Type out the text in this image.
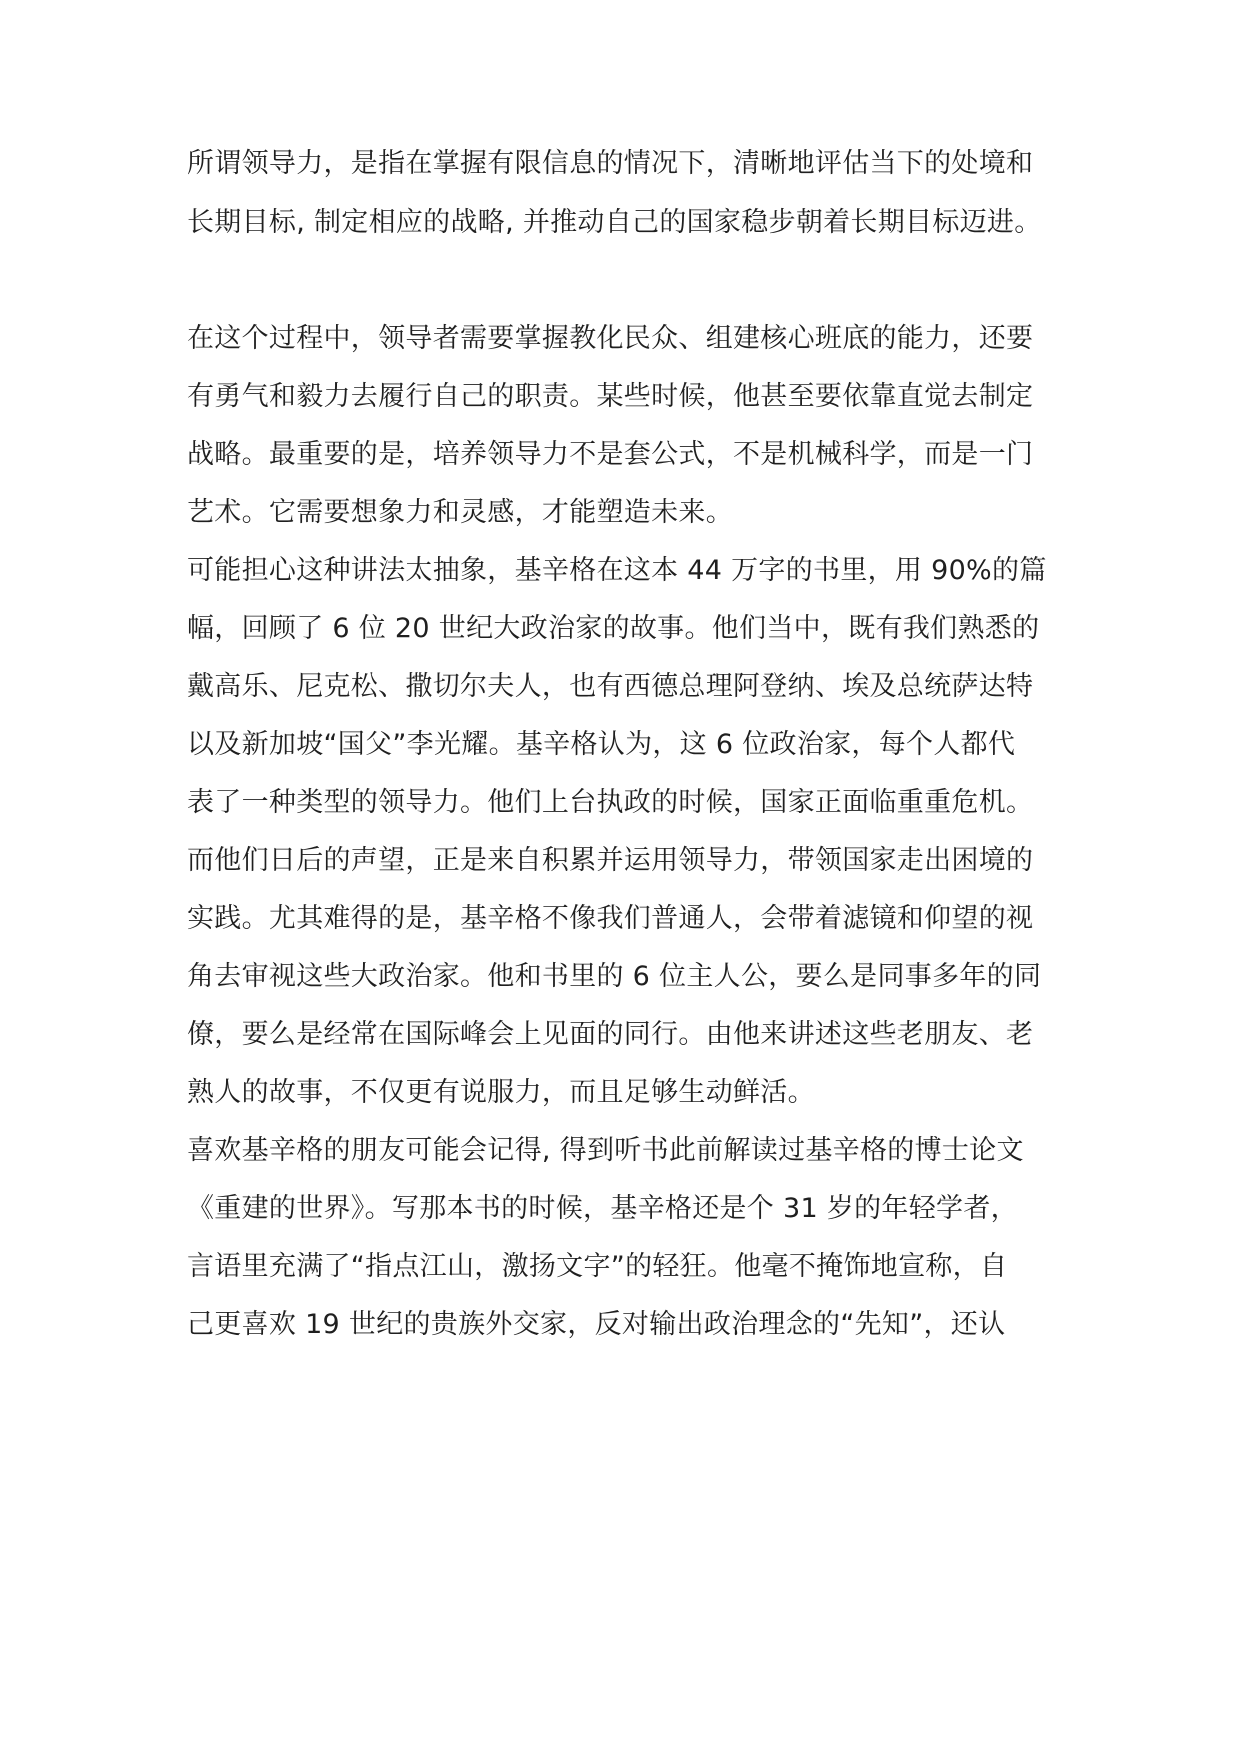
所谓领导力，是指在掌握有限信息的情况下，清晰地评估当下的处境和
长期目标, 制定相应的战略, 并推动自己的国家稳步朝着长期目标迈进。
在这个过程中，领导者需要掌握教化民众、组建核心班底的能力，还要
有勇气和毅力去履行自己的职责。某些时候，他甚至要依靠直觉去制定
战略。最重要的是，培养领导力不是套公式，不是机械科学，而是一门
艺术。它需要想象力和灵感，才能塑造未来。
可能担心这种讲法太抽象，基辛格在这本 44 万字的书里，用 90%的篇
幅，回顾了 6 位 20 世纪大政治家的故事。他们当中，既有我们熟悉的
戴高乐、尼克松、撒切尔夫人，也有西德总理阿登纳、埃及总统萨达特
以及新加坡“国父”李光耀。基辛格认为，这 6 位政治家，每个人都代
表了一种类型的领导力。他们上台执政的时候，国家正面临重重危机。
而他们日后的声望，正是来自积累并运用领导力，带领国家走出困境的
实践。尤其难得的是，基辛格不像我们普通人，会带着滤镜和仰望的视
角去审视这些大政治家。他和书里的 6 位主人公，要么是同事多年的同
僚，要么是经常在国际峰会上见面的同行。由他来讲述这些老朋友、老
熟人的故事，不仅更有说服力，而且足够生动鲜活。
喜欢基辛格的朋友可能会记得, 得到听书此前解读过基辛格的博士论文
《重建的世界》。写那本书的时候，基辛格还是个 31 岁的年轻学者，
言语里充满了“指点江山，激扬文字”的轻狂。他毫不掩饰地宣称，自
己更喜欢 19 世纪的贵族外交家，反对输出政治理念的“先知”，还认
